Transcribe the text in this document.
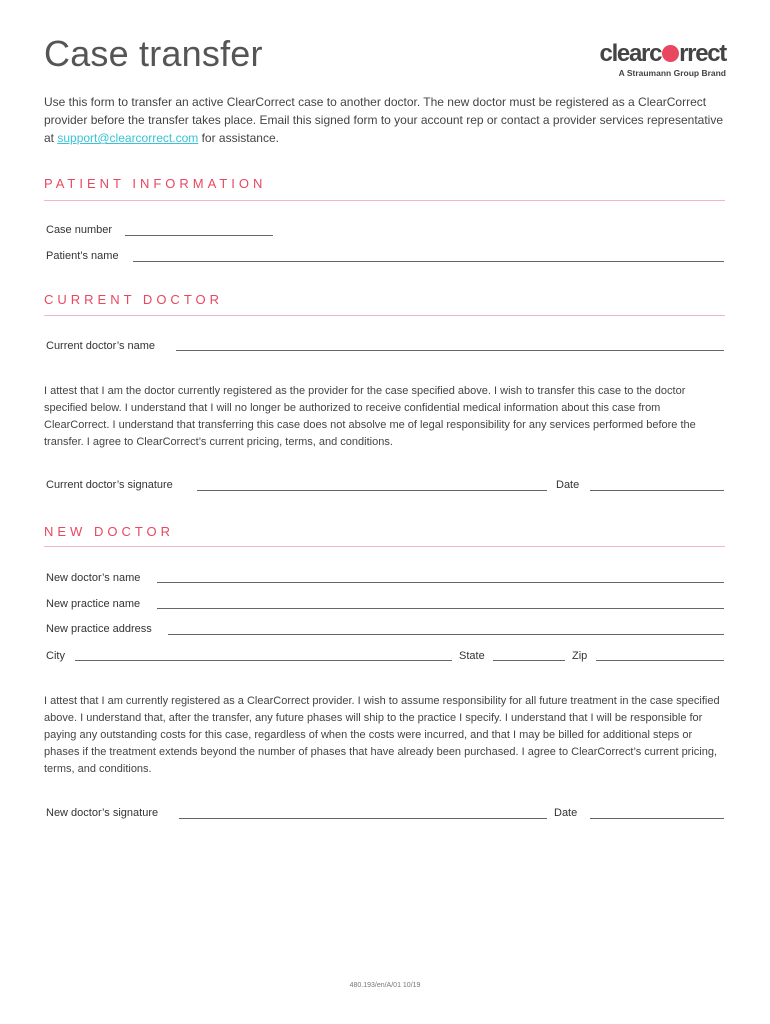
Case transfer	clearc rrect
A Straumann Group Brand

Use this form to transfer an active ClearCorrect case to another doctor. The new doctor must be registered as a ClearCorrect provider before the transfer takes place. Email this signed form to your account rep or contact a provider services representative at support@clearcorrect.com for assistance.

PATIENT INFORMATION
Case number
Patient’s name
CURRENT DOCTOR
Current doctor’s name

I attest that I am the doctor currently registered as the provider for the case specified above. I wish to transfer this case to the doctor specified below. I understand that I will no longer be authorized to receive confidential medical information about this case from ClearCorrect. I understand that transferring this case does not absolve me of legal responsibility for any services performed before the transfer. I agree to ClearCorrect’s current pricing, terms, and conditions.

Current doctor’s signature	Date
NEW DOCTOR
New doctor’s name
New practice name
New practice address
City	State	Zip

I attest that I am currently registered as a ClearCorrect provider. I wish to assume responsibility for all future treatment in the case specified above. I understand that, after the transfer, any future phases will ship to the practice I specify. I understand that I will be responsible for paying any outstanding costs for this case, regardless of when the costs were incurred, and that I may be billed for additional steps or phases if the treatment extends beyond the number of phases that have already been purchased. I agree to ClearCorrect’s current pricing, terms, and conditions.

New doctor’s signature	Date
480.193/en/A/01 10/19
